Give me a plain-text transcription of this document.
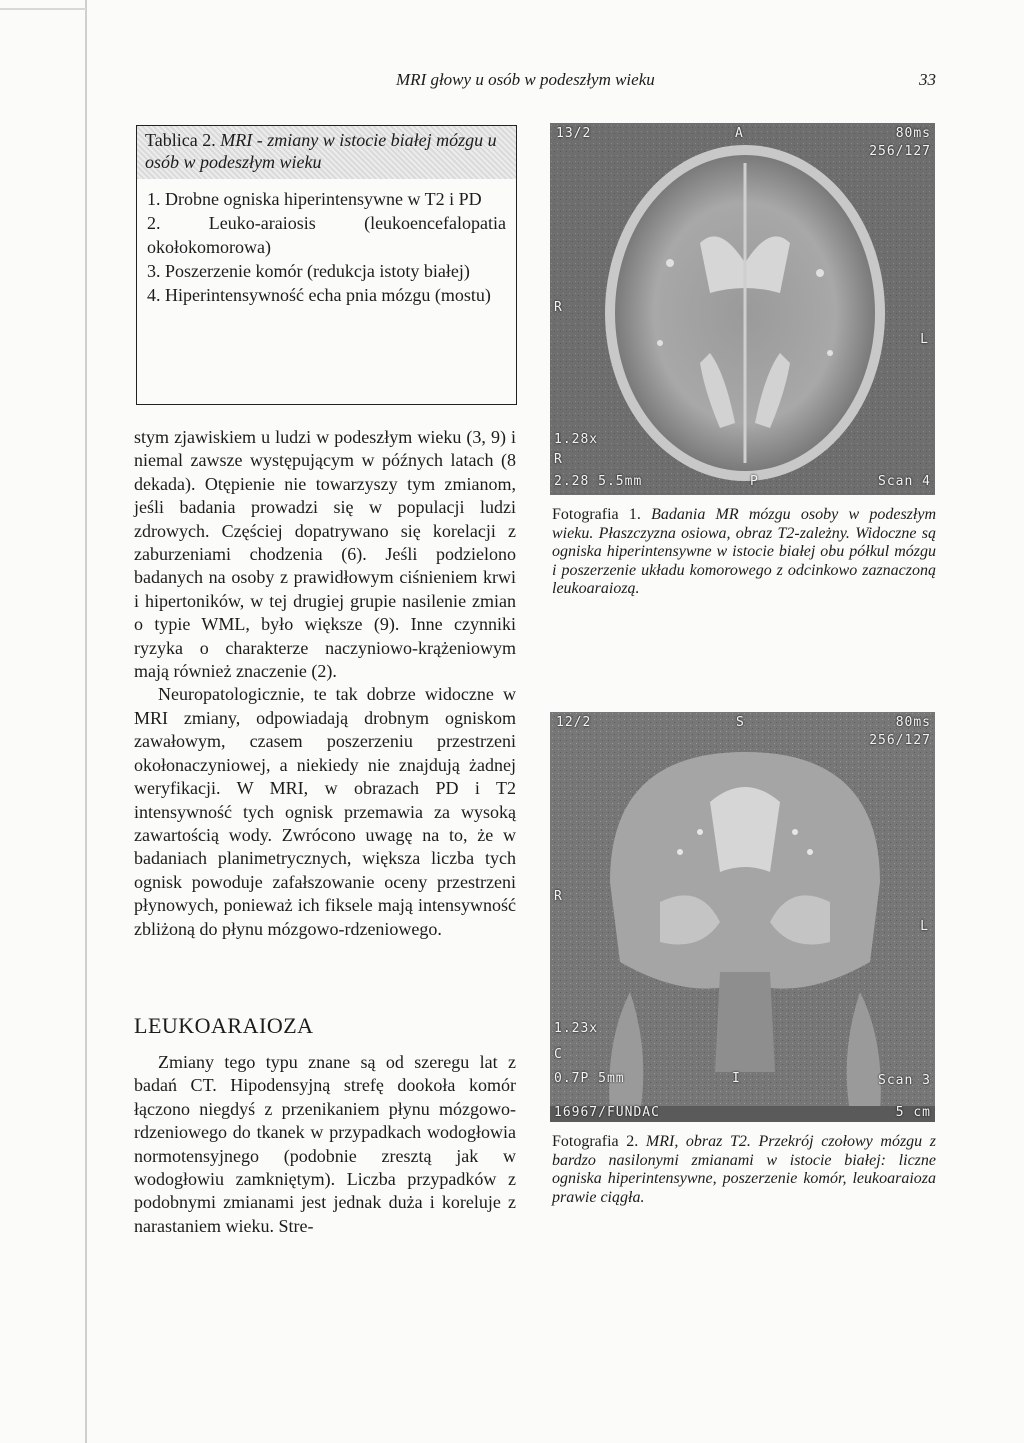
MRI głowy u osób w podeszłym wieku	33
Tablica 2. MRI - zmiany w istocie białej mózgu u osób w podeszłym wieku
1. Drobne ogniska hiperintensywne w T2 i PD
2. Leuko-araiosis (leukoencefalopatia okołokomorowa)
3. Poszerzenie komór (redukcja istoty białej)
4. Hiperintensywność echa pnia mózgu (mostu)

stym zjawiskiem u ludzi w podeszłym wieku (3, 9) i niemal zawsze występującym w późnych latach (8 dekada). Otępienie nie towarzyszy tym zmianom, jeśli badania prowadzi się w populacji ludzi zdrowych. Częściej dopatrywano się korelacji z zaburzeniami chodzenia (6). Jeśli podzielono badanych na osoby z prawidłowym ciśnieniem krwi i hipertoników, w tej drugiej grupie nasilenie zmian o typie WML, było większe (9). Inne czynniki ryzyka o charakterze naczyniowo-krążeniowym mają również znaczenie (2).

Neuropatologicznie, te tak dobrze widoczne w MRI zmiany, odpowiadają drobnym ogniskom zawałowym, czasem poszerzeniu przestrzeni okołonaczyniowej, a niekiedy nie znajdują żadnej weryfikacji. W MRI, w obrazach PD i T2 intensywność tych ognisk przemawia za wysoką zawartością wody. Zwrócono uwagę na to, że w badaniach planimetrycznych, większa liczba tych ognisk powoduje zafałszowanie oceny przestrzeni płynowych, ponieważ ich fiksele mają intensywność zbliżoną do płynu mózgowo-rdzeniowego.

LEUKOARAIOZA

Zmiany tego typu znane są od szeregu lat z badań CT. Hipodensyjną strefę dookoła komór łączono niegdyś z przenikaniem płynu mózgowo-rdzeniowego do tkanek w przypadkach wodogłowia normotensyjnego (podobnie zresztą jak w wodogłowiu zamkniętym). Liczba przypadków z podobnymi zmianami jest jednak duża i koreluje z narastaniem wieku. Stre-

13/2	A	80ms
256/127
R
L
1.28x
R
2.28 5.5mm	P	Scan 4
Fotografia 1. Badania MR mózgu osoby w podeszłym wieku. Płaszczyzna osiowa, obraz T2-zależny. Widoczne są ogniska hiperintensywne w istocie białej obu półkul mózgu i poszerzenie układu komorowego z odcinkowo zaznaczoną leukoaraiozą.
12/2	S	80ms
256/127
R
L
1.23x
C
0.7P 5mm	I	Scan 3
16967/FUNDAC	5 cm
Fotografia 2. MRI, obraz T2. Przekrój czołowy mózgu z bardzo nasilonymi zmianami w istocie białej: liczne ogniska hiperintensywne, poszerzenie komór, leukoaraioza prawie ciągła.
